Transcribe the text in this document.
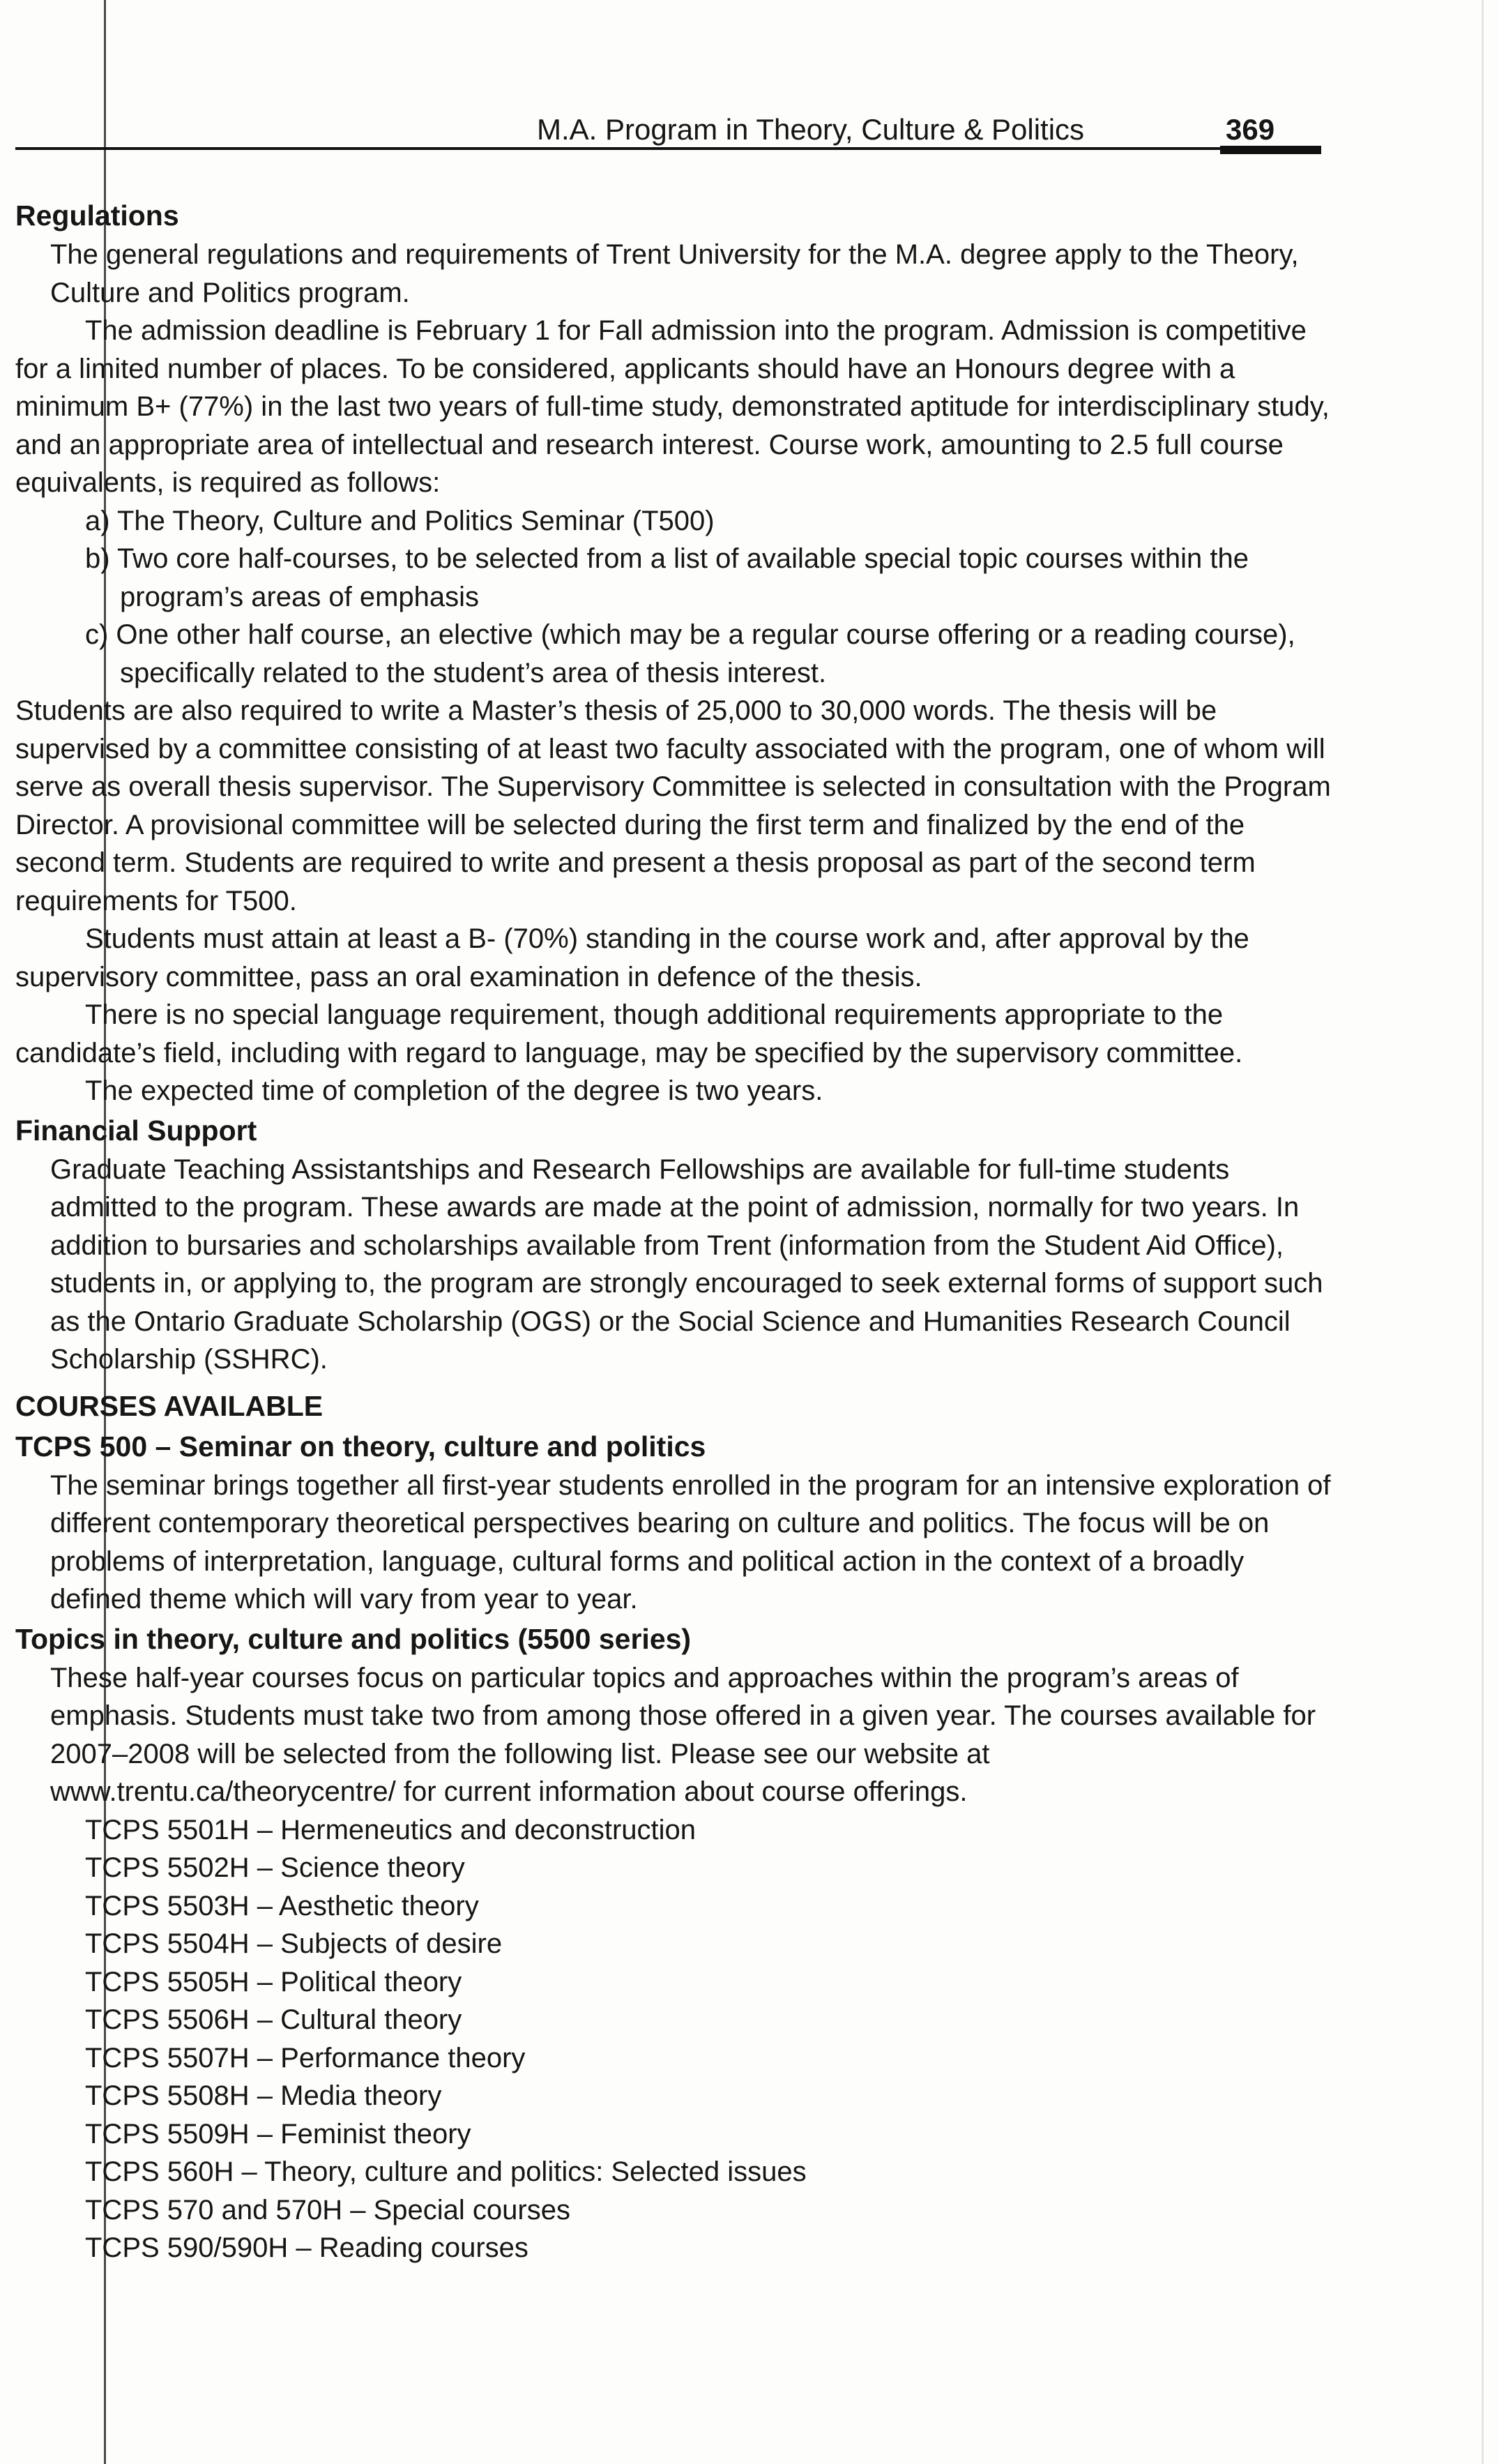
M.A. Program in Theory, Culture & Politics	369
Regulations

The general regulations and requirements of Trent University for the M.A. degree apply to the Theory, Culture and Politics program.

The admission deadline is February 1 for Fall admission into the program. Admission is competitive for a limited number of places. To be considered, applicants should have an Honours degree with a minimum B+ (77%) in the last two years of full-time study, demonstrated aptitude for interdisciplinary study, and an appropriate area of intellectual and research interest. Course work, amounting to 2.5 full course equivalents, is required as follows:

a) The Theory, Culture and Politics Seminar (T500)
b) Two core half-courses, to be selected from a list of available special topic courses within the program’s areas of emphasis
c) One other half course, an elective (which may be a regular course offering or a reading course), specifically related to the student’s area of thesis interest.

Students are also required to write a Master’s thesis of 25,000 to 30,000 words. The thesis will be supervised by a committee consisting of at least two faculty associated with the program, one of whom will serve as overall thesis supervisor. The Supervisory Committee is selected in consultation with the Program Director. A provisional committee will be selected during the first term and finalized by the end of the second term. Students are required to write and present a thesis proposal as part of the second term requirements for T500.

Students must attain at least a B- (70%) standing in the course work and, after approval by the supervisory committee, pass an oral examination in defence of the thesis.

There is no special language requirement, though additional requirements appropriate to the candidate’s field, including with regard to language, may be specified by the supervisory committee.

The expected time of completion of the degree is two years.

Financial Support

Graduate Teaching Assistantships and Research Fellowships are available for full-time students admitted to the program. These awards are made at the point of admission, normally for two years. In addition to bursaries and scholarships available from Trent (information from the Student Aid Office), students in, or applying to, the program are strongly encouraged to seek external forms of support such as the Ontario Graduate Scholarship (OGS) or the Social Science and Humanities Research Council Scholarship (SSHRC).

COURSES AVAILABLE
TCPS 500 – Seminar on theory, culture and politics

The seminar brings together all first-year students enrolled in the program for an intensive exploration of different contemporary theoretical perspectives bearing on culture and politics. The focus will be on problems of interpretation, language, cultural forms and political action in the context of a broadly defined theme which will vary from year to year.

Topics in theory, culture and politics (5500 series)

These half-year courses focus on particular topics and approaches within the program’s areas of emphasis. Students must take two from among those offered in a given year. The courses available for 2007–2008 will be selected from the following list. Please see our website at www.trentu.ca/theorycentre/ for current information about course offerings.

TCPS 5501H – Hermeneutics and deconstruction
TCPS 5502H – Science theory
TCPS 5503H – Aesthetic theory
TCPS 5504H – Subjects of desire
TCPS 5505H – Political theory
TCPS 5506H – Cultural theory
TCPS 5507H – Performance theory
TCPS 5508H – Media theory
TCPS 5509H – Feminist theory
TCPS 560H – Theory, culture and politics: Selected issues
TCPS 570 and 570H – Special courses
TCPS 590/590H – Reading courses
